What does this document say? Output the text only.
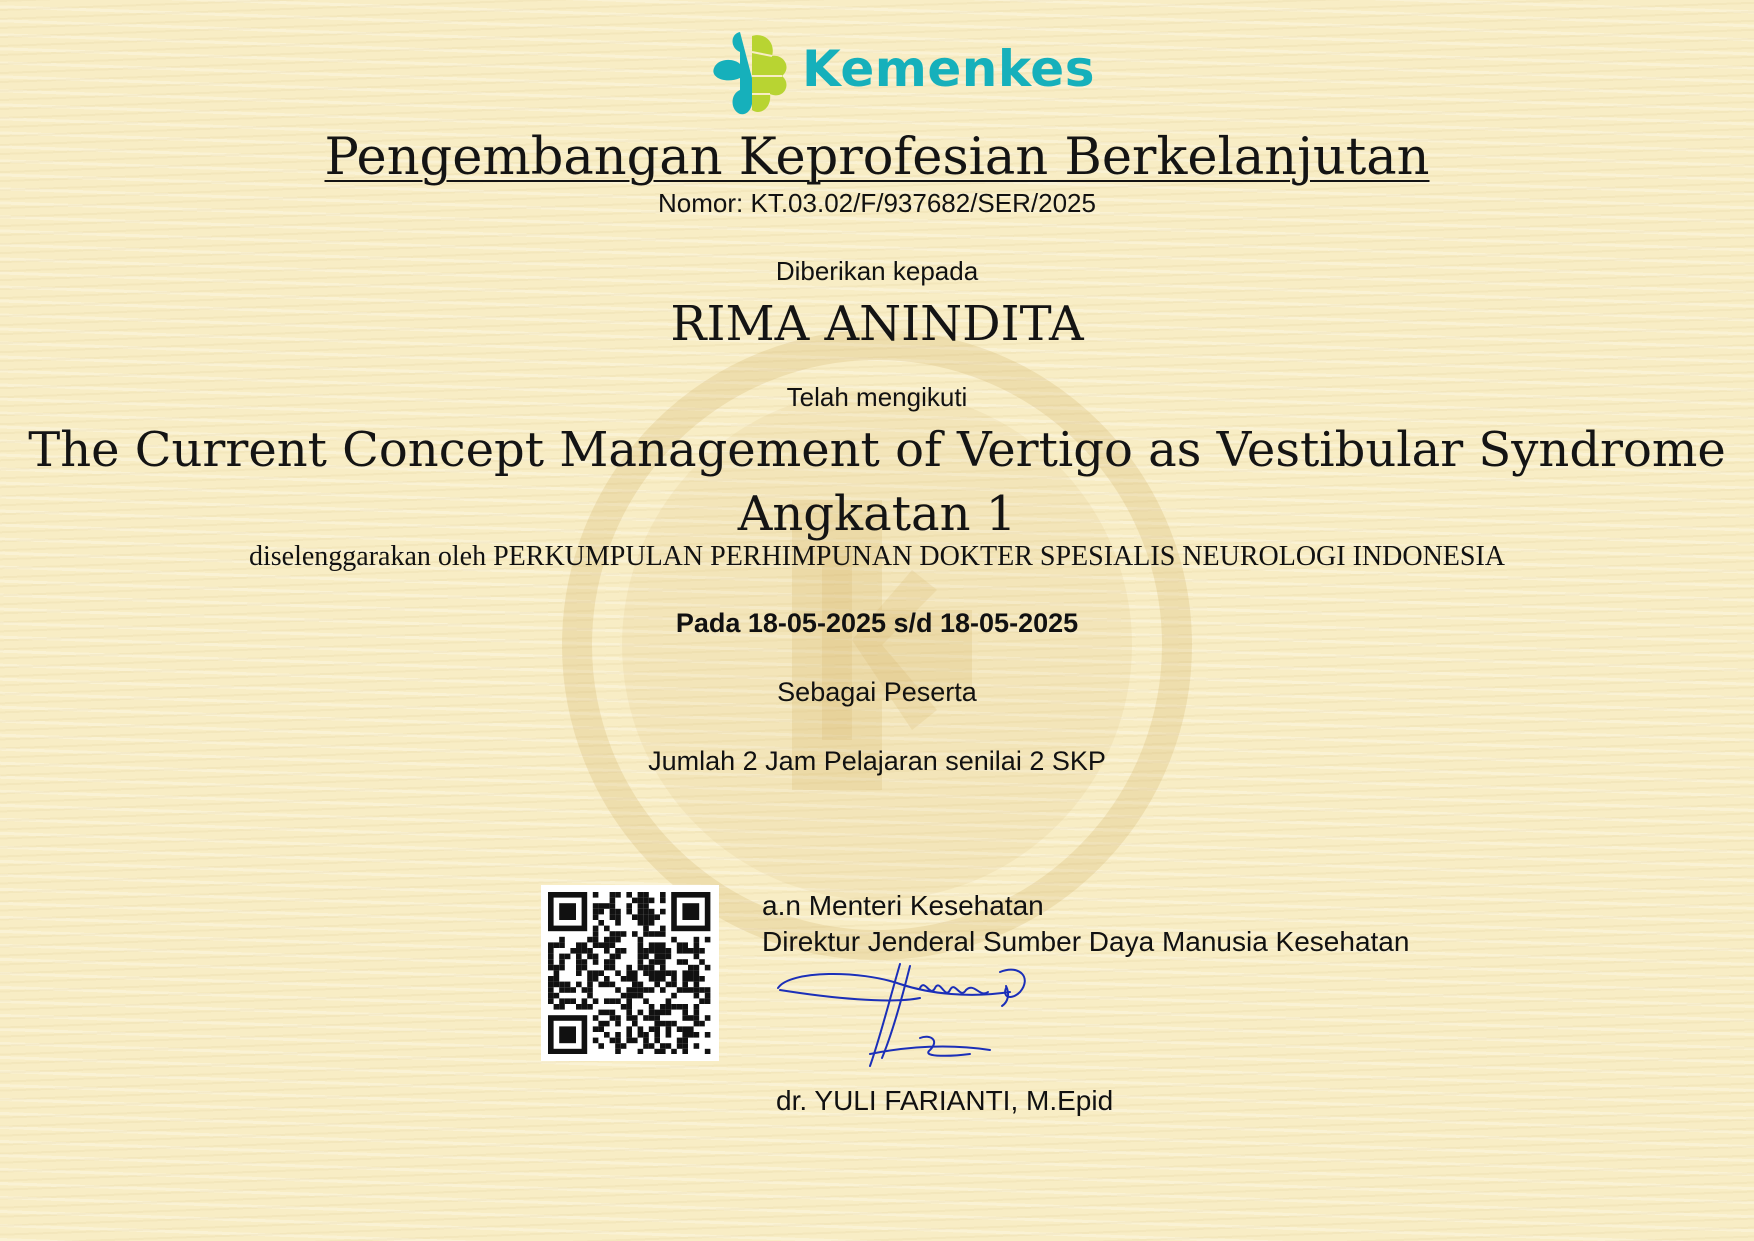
Kemenkes
Pengembangan Keprofesian Berkelanjutan
Nomor: KT.03.02/F/937682/SER/2025
Diberikan kepada
RIMA ANINDITA
Telah mengikuti
The Current Concept Management of Vertigo as Vestibular Syndrome
Angkatan 1
diselenggarakan oleh PERKUMPULAN PERHIMPUNAN DOKTER SPESIALIS NEUROLOGI INDONESIA
Pada 18-05-2025 s/d 18-05-2025
Sebagai Peserta
Jumlah 2 Jam Pelajaran senilai 2 SKP
a.n Menteri Kesehatan
Direktur Jenderal Sumber Daya Manusia Kesehatan
dr. YULI FARIANTI, M.Epid
